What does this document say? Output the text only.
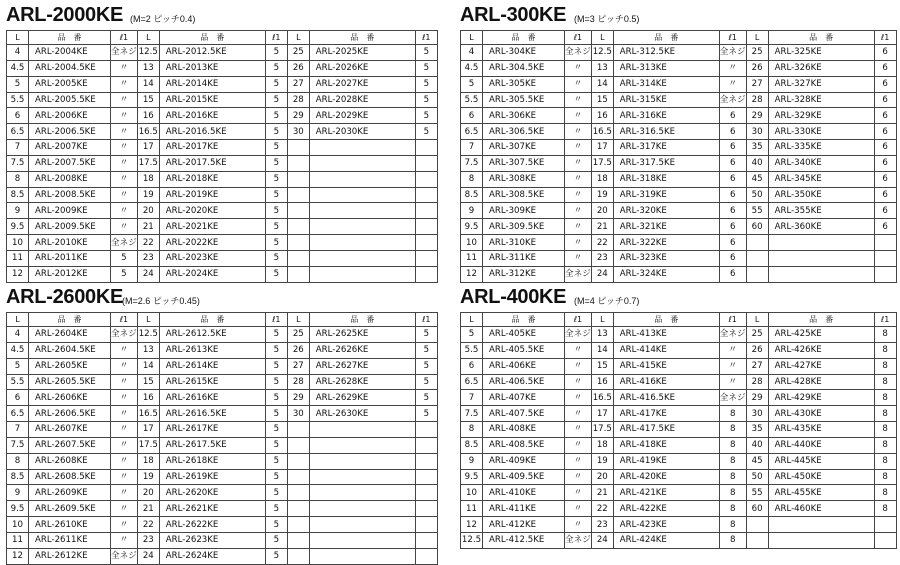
ARL-2000KE (M=2 ピッチ0.4)
L	品　番	ℓ1	L	品　番	ℓ1	L	品　番	ℓ1
4	ARL-2004KE	全ネジ	12.5	ARL-2012.5KE	5	25	ARL-2025KE	5
4.5	ARL-2004.5KE	〃	13	ARL-2013KE	5	26	ARL-2026KE	5
5	ARL-2005KE	〃	14	ARL-2014KE	5	27	ARL-2027KE	5
5.5	ARL-2005.5KE	〃	15	ARL-2015KE	5	28	ARL-2028KE	5
6	ARL-2006KE	〃	16	ARL-2016KE	5	29	ARL-2029KE	5
6.5	ARL-2006.5KE	〃	16.5	ARL-2016.5KE	5	30	ARL-2030KE	5
7	ARL-2007KE	〃	17	ARL-2017KE	5			
7.5	ARL-2007.5KE	〃	17.5	ARL-2017.5KE	5			
8	ARL-2008KE	〃	18	ARL-2018KE	5			
8.5	ARL-2008.5KE	〃	19	ARL-2019KE	5			
9	ARL-2009KE	〃	20	ARL-2020KE	5			
9.5	ARL-2009.5KE	〃	21	ARL-2021KE	5			
10	ARL-2010KE	全ネジ	22	ARL-2022KE	5			
11	ARL-2011KE	5	23	ARL-2023KE	5			
12	ARL-2012KE	5	24	ARL-2024KE	5			
ARL-300KE (M=3 ピッチ0.5)
L	品　番	ℓ1	L	品　番	ℓ1	L	品　番	ℓ1
4	ARL-304KE	全ネジ	12.5	ARL-312.5KE	全ネジ	25	ARL-325KE	6
4.5	ARL-304.5KE	〃	13	ARL-313KE	〃	26	ARL-326KE	6
5	ARL-305KE	〃	14	ARL-314KE	〃	27	ARL-327KE	6
5.5	ARL-305.5KE	〃	15	ARL-315KE	全ネジ	28	ARL-328KE	6
6	ARL-306KE	〃	16	ARL-316KE	6	29	ARL-329KE	6
6.5	ARL-306.5KE	〃	16.5	ARL-316.5KE	6	30	ARL-330KE	6
7	ARL-307KE	〃	17	ARL-317KE	6	35	ARL-335KE	6
7.5	ARL-307.5KE	〃	17.5	ARL-317.5KE	6	40	ARL-340KE	6
8	ARL-308KE	〃	18	ARL-318KE	6	45	ARL-345KE	6
8.5	ARL-308.5KE	〃	19	ARL-319KE	6	50	ARL-350KE	6
9	ARL-309KE	〃	20	ARL-320KE	6	55	ARL-355KE	6
9.5	ARL-309.5KE	〃	21	ARL-321KE	6	60	ARL-360KE	6
10	ARL-310KE	〃	22	ARL-322KE	6			
11	ARL-311KE	〃	23	ARL-323KE	6			
12	ARL-312KE	全ネジ	24	ARL-324KE	6			
ARL-2600KE
(M=2.6 ピッチ0.45)
L	品　番	ℓ1	L	品　番	ℓ1	L	品　番	ℓ1
4	ARL-2604KE	全ネジ	12.5	ARL-2612.5KE	5	25	ARL-2625KE	5
4.5	ARL-2604.5KE	〃	13	ARL-2613KE	5	26	ARL-2626KE	5
5	ARL-2605KE	〃	14	ARL-2614KE	5	27	ARL-2627KE	5
5.5	ARL-2605.5KE	〃	15	ARL-2615KE	5	28	ARL-2628KE	5
6	ARL-2606KE	〃	16	ARL-2616KE	5	29	ARL-2629KE	5
6.5	ARL-2606.5KE	〃	16.5	ARL-2616.5KE	5	30	ARL-2630KE	5
7	ARL-2607KE	〃	17	ARL-2617KE	5			
7.5	ARL-2607.5KE	〃	17.5	ARL-2617.5KE	5			
8	ARL-2608KE	〃	18	ARL-2618KE	5			
8.5	ARL-2608.5KE	〃	19	ARL-2619KE	5			
9	ARL-2609KE	〃	20	ARL-2620KE	5			
9.5	ARL-2609.5KE	〃	21	ARL-2621KE	5			
10	ARL-2610KE	〃	22	ARL-2622KE	5			
11	ARL-2611KE	〃	23	ARL-2623KE	5			
12	ARL-2612KE	全ネジ	24	ARL-2624KE	5			
ARL-400KE (M=4 ピッチ0.7)
L	品　番	ℓ1	L	品　番	ℓ1	L	品　番	ℓ1
5	ARL-405KE	全ネジ	13	ARL-413KE	全ネジ	25	ARL-425KE	8
5.5	ARL-405.5KE	〃	14	ARL-414KE	〃	26	ARL-426KE	8
6	ARL-406KE	〃	15	ARL-415KE	〃	27	ARL-427KE	8
6.5	ARL-406.5KE	〃	16	ARL-416KE	〃	28	ARL-428KE	8
7	ARL-407KE	〃	16.5	ARL-416.5KE	全ネジ	29	ARL-429KE	8
7.5	ARL-407.5KE	〃	17	ARL-417KE	8	30	ARL-430KE	8
8	ARL-408KE	〃	17.5	ARL-417.5KE	8	35	ARL-435KE	8
8.5	ARL-408.5KE	〃	18	ARL-418KE	8	40	ARL-440KE	8
9	ARL-409KE	〃	19	ARL-419KE	8	45	ARL-445KE	8
9.5	ARL-409.5KE	〃	20	ARL-420KE	8	50	ARL-450KE	8
10	ARL-410KE	〃	21	ARL-421KE	8	55	ARL-455KE	8
11	ARL-411KE	〃	22	ARL-422KE	8	60	ARL-460KE	8
12	ARL-412KE	〃	23	ARL-423KE	8			
12.5	ARL-412.5KE	全ネジ	24	ARL-424KE	8			
